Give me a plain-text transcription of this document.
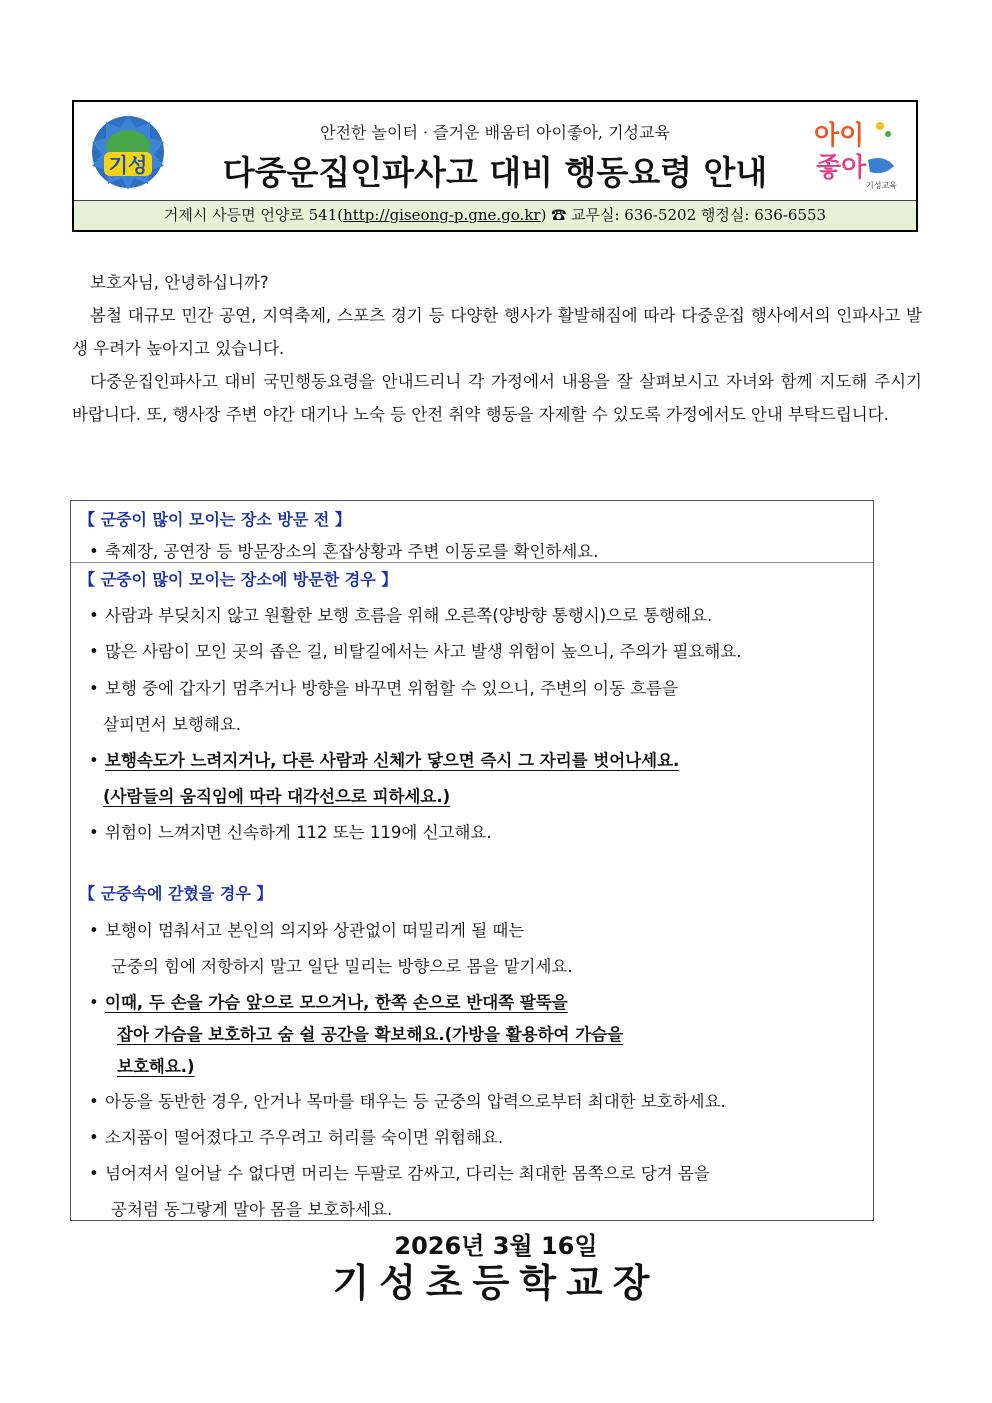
기성
안전한 놀이터 · 즐거운 배움터 아이좋아, 기성교육
다중운집인파사고 대비 행동요령 안내
아이
좋아
기성교육
거제시 사등면 언양로 541(http://giseong-p.gne.go.kr) ☎ 교무실: 636-5202 행정실: 636-6553

보호자님, 안녕하십니까?

봄철 대규모 민간 공연, 지역축제, 스포츠 경기 등 다양한 행사가 활발해짐에 따라 다중운집 행사에서의 인파사고 발생 우려가 높아지고 있습니다.

다중운집인파사고 대비 국민행동요령을 안내드리니 각 가정에서 내용을 잘 살펴보시고 자녀와 함께 지도해 주시기 바랍니다. 또, 행사장 주변 야간 대기나 노숙 등 안전 취약 행동을 자제할 수 있도록 가정에서도 안내 부탁드립니다.

【 군중이 많이 모이는 장소 방문 전 】
• 축제장, 공연장 등 방문장소의 혼잡상황과 주변 이동로를 확인하세요.
【 군중이 많이 모이는 장소에 방문한 경우 】
• 사람과 부딪치지 않고 원활한 보행 흐름을 위해 오른쪽(양방향 통행시)으로 통행해요.
• 많은 사람이 모인 곳의 좁은 길, 비탈길에서는 사고 발생 위험이 높으니, 주의가 필요해요.
• 보행 중에 갑자기 멈추거나 방향을 바꾸면 위험할 수 있으니, 주변의 이동 흐름을
살피면서 보행해요.
• 보행속도가 느려지거나, 다른 사람과 신체가 닿으면 즉시 그 자리를 벗어나세요.
(사람들의 움직임에 따라 대각선으로 피하세요.)
• 위험이 느껴지면 신속하게 112 또는 119에 신고해요.
【 군중속에 갇혔을 경우 】
• 보행이 멈춰서고 본인의 의지와 상관없이 떠밀리게 될 때는
군중의 힘에 저항하지 말고 일단 밀리는 방향으로 몸을 맡기세요.
• 이때, 두 손을 가슴 앞으로 모으거나, 한쪽 손으로 반대쪽 팔뚝을
잡아 가슴을 보호하고 숨 쉴 공간을 확보해요.(가방을 활용하여 가슴을
보호해요.)
• 아동을 동반한 경우, 안거나 목마를 태우는 등 군중의 압력으로부터 최대한 보호하세요.
• 소지품이 떨어졌다고 주우려고 허리를 숙이면 위험해요.
• 넘어져서 일어날 수 없다면 머리는 두팔로 감싸고, 다리는 최대한 몸쪽으로 당겨 몸을
공처럼 동그랗게 말아 몸을 보호하세요.
2026년 3월 16일
기성초등학교장
